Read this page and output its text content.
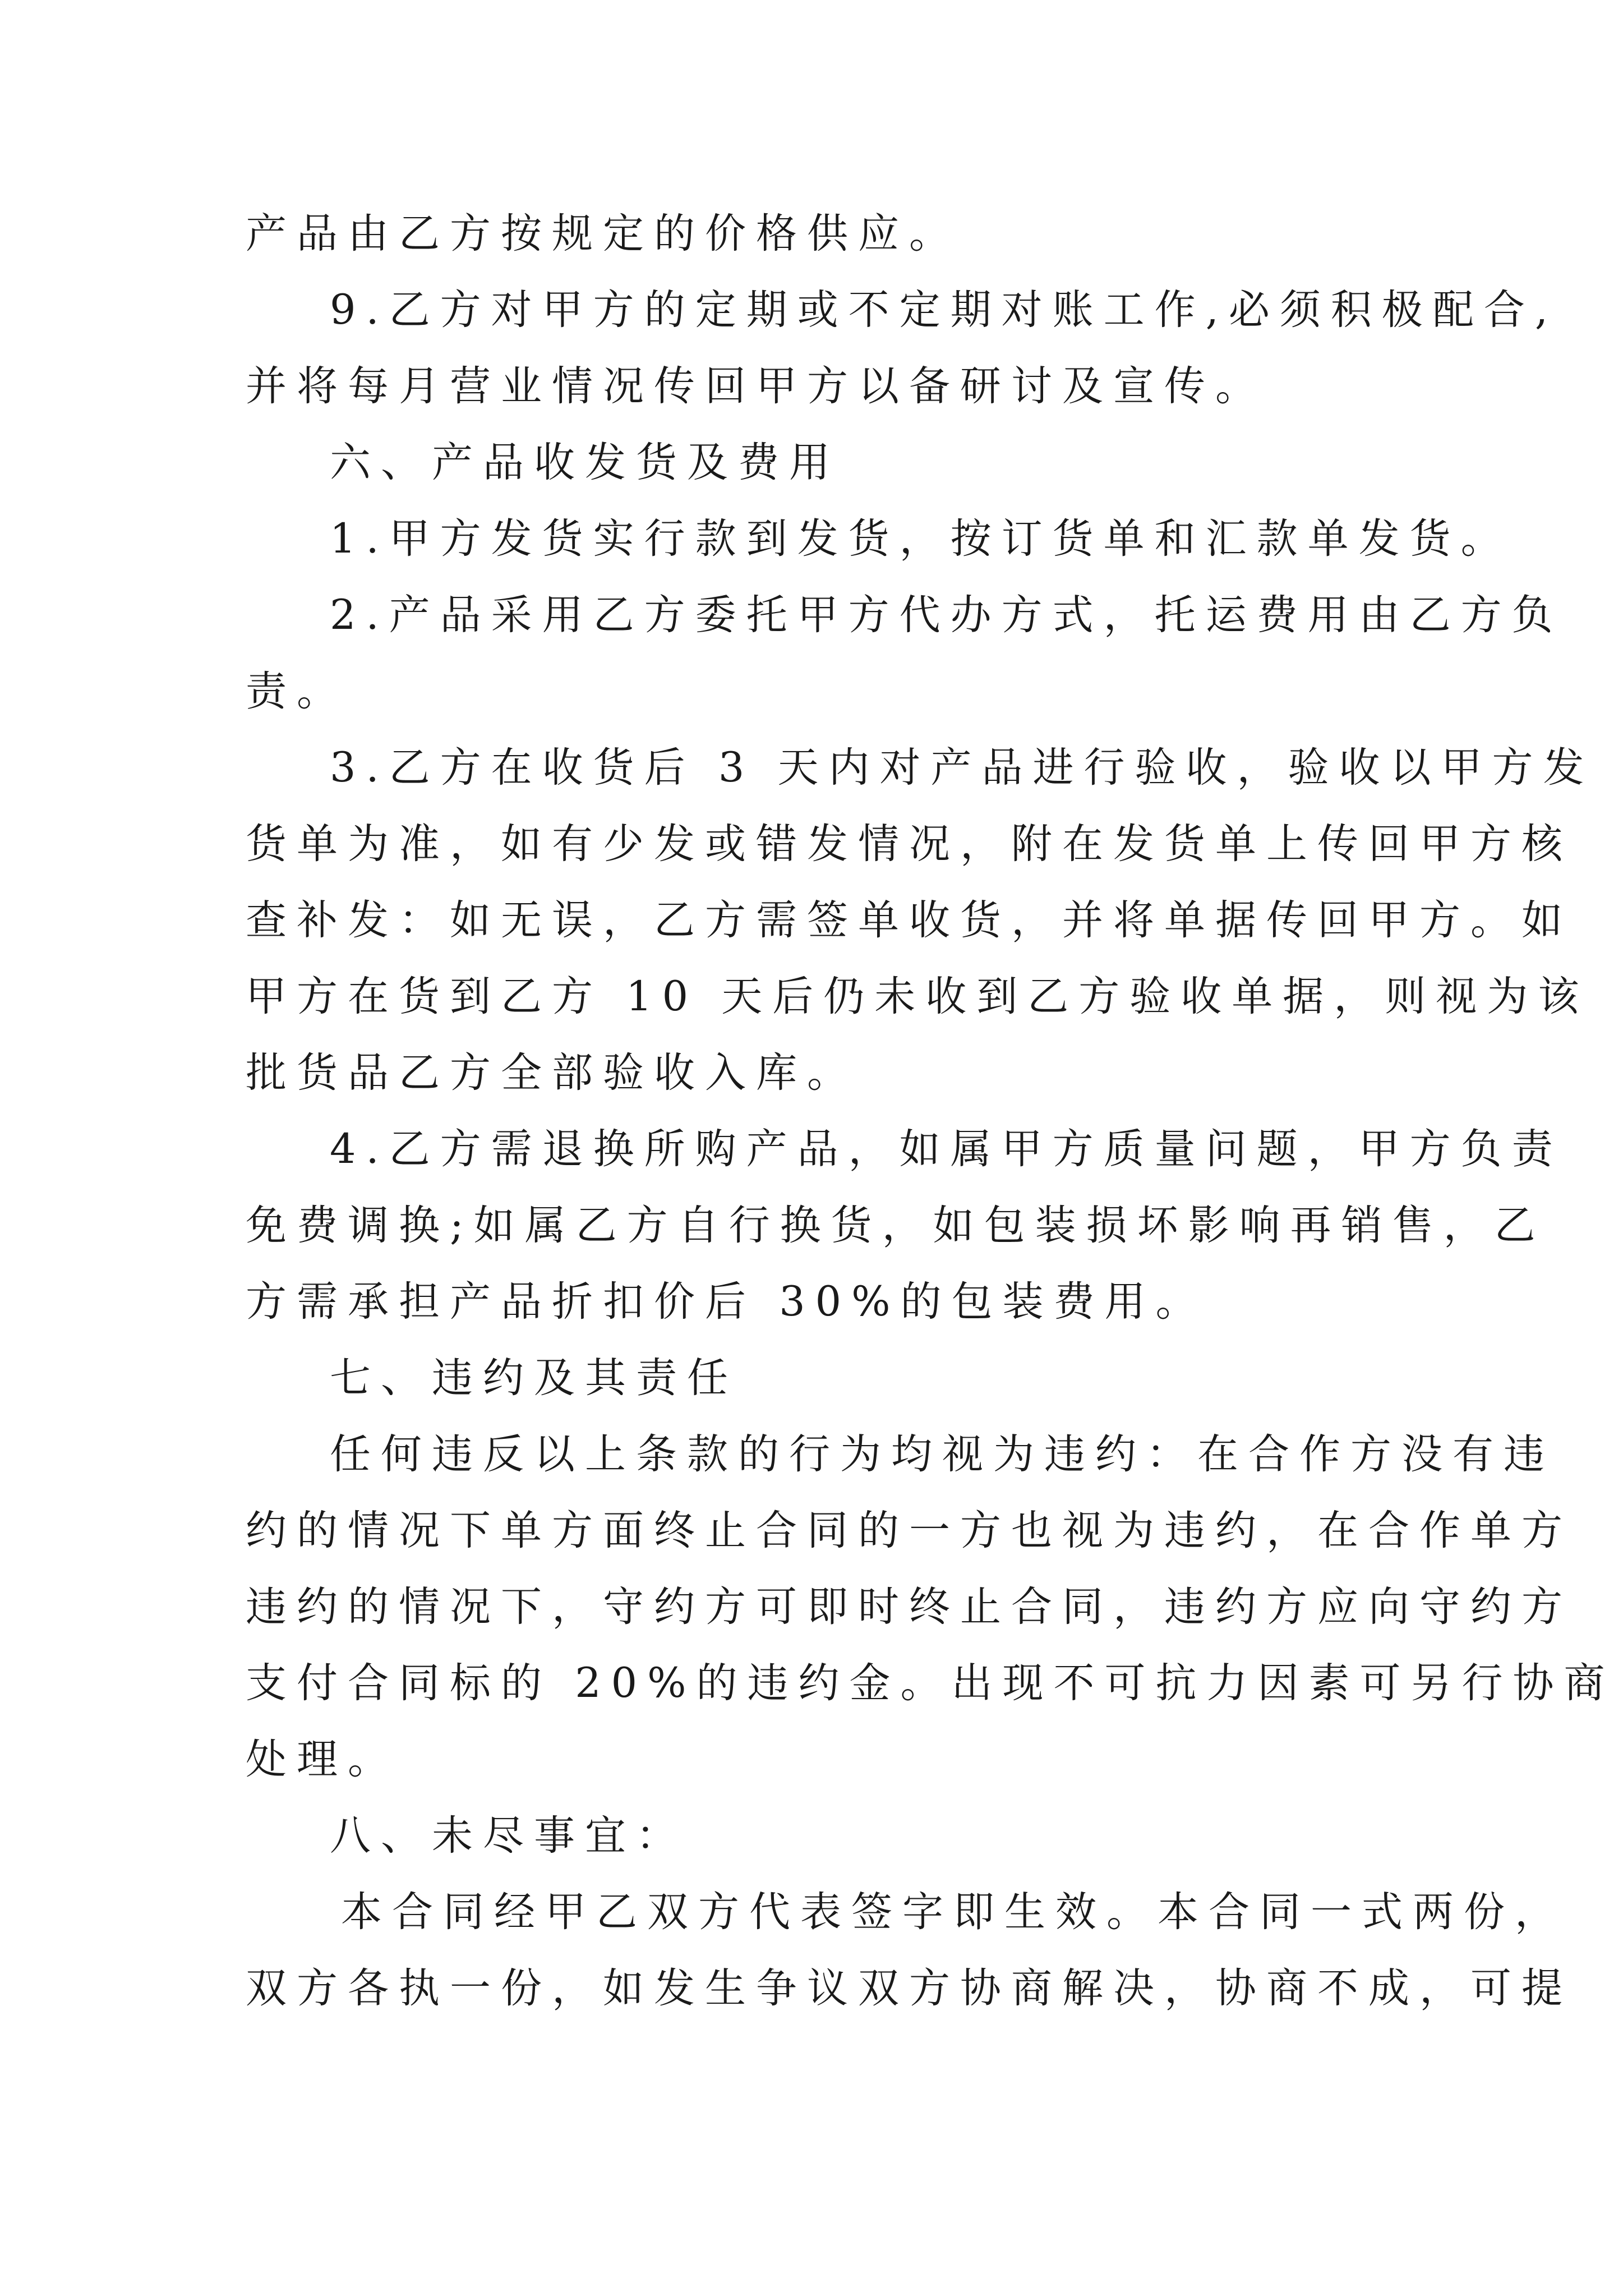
产品由乙方按规定的价格供应。

9.乙方对甲方的定期或不定期对账工作,必须积极配合,

并将每月营业情况传回甲方以备研讨及宣传。

六、产品收发货及费用

1.甲方发货实行款到发货，按订货单和汇款单发货。

2.产品采用乙方委托甲方代办方式，托运费用由乙方负

责。

3.乙方在收货后 3 天内对产品进行验收，验收以甲方发

货单为准，如有少发或错发情况，附在发货单上传回甲方核

查补发：如无误，乙方需签单收货，并将单据传回甲方。如

甲方在货到乙方 10 天后仍未收到乙方验收单据，则视为该

批货品乙方全部验收入库。

4.乙方需退换所购产品，如属甲方质量问题，甲方负责

免费调换;如属乙方自行换货，如包装损坏影响再销售，乙

方需承担产品折扣价后 30%的包装费用。

七、违约及其责任

任何违反以上条款的行为均视为违约：在合作方没有违

约的情况下单方面终止合同的一方也视为违约，在合作单方

违约的情况下，守约方可即时终止合同，违约方应向守约方

支付合同标的 20%的违约金。出现不可抗力因素可另行协商

处理。

八、未尽事宜：

本合同经甲乙双方代表签字即生效。本合同一式两份，

双方各执一份，如发生争议双方协商解决，协商不成，可提
